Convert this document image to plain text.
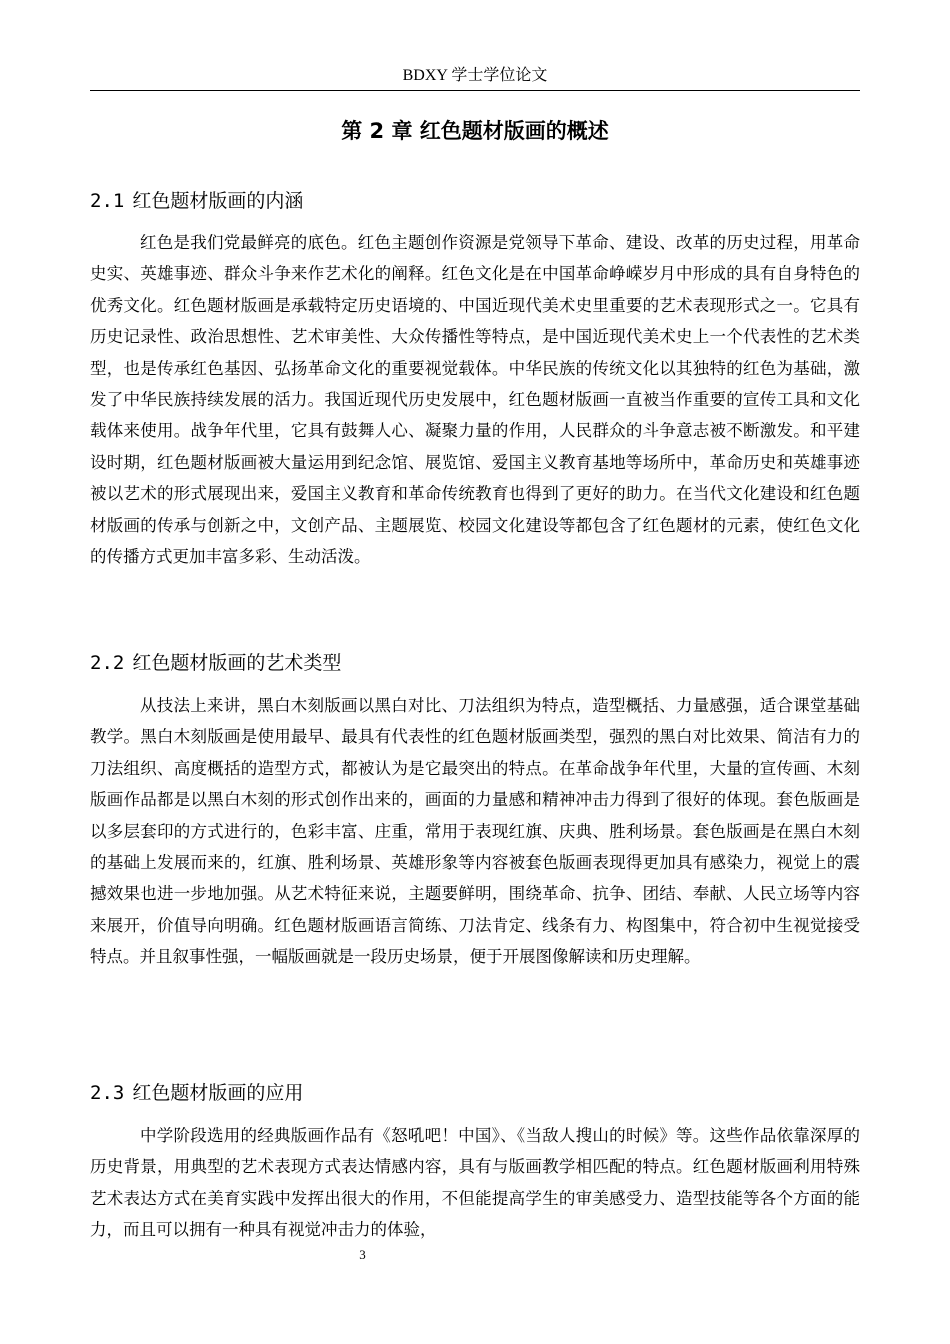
BDXY 学士学位论文
第 2 章 红色题材版画的概述
2.1 红色题材版画的内涵

红色是我们党最鲜亮的底色。红色主题创作资源是党领导下革命、建设、改革的历史过程，用革命史实、英雄事迹、群众斗争来作艺术化的阐释。红色文化是在中国革命峥嵘岁月中形成的具有自身特色的优秀文化。红色题材版画是承载特定历史语境的、中国近现代美术史里重要的艺术表现形式之一。它具有历史记录性、政治思想性、艺术审美性、大众传播性等特点，是中国近现代美术史上一个代表性的艺术类型，也是传承红色基因、弘扬革命文化的重要视觉载体。中华民族的传统文化以其独特的红色为基础，激发了中华民族持续发展的活力。我国近现代历史发展中，红色题材版画一直被当作重要的宣传工具和文化载体来使用。战争年代里，它具有鼓舞人心、凝聚力量的作用，人民群众的斗争意志被不断激发。和平建设时期，红色题材版画被大量运用到纪念馆、展览馆、爱国主义教育基地等场所中，革命历史和英雄事迹被以艺术的形式展现出来，爱国主义教育和革命传统教育也得到了更好的助力。在当代文化建设和红色题材版画的传承与创新之中，文创产品、主题展览、校园文化建设等都包含了红色题材的元素，使红色文化的传播方式更加丰富多彩、生动活泼。

2.2 红色题材版画的艺术类型

从技法上来讲，黑白木刻版画以黑白对比、刀法组织为特点，造型概括、力量感强，适合课堂基础教学。黑白木刻版画是使用最早、最具有代表性的红色题材版画类型，强烈的黑白对比效果、简洁有力的刀法组织、高度概括的造型方式，都被认为是它最突出的特点。在革命战争年代里，大量的宣传画、木刻版画作品都是以黑白木刻的形式创作出来的，画面的力量感和精神冲击力得到了很好的体现。套色版画是以多层套印的方式进行的，色彩丰富、庄重，常用于表现红旗、庆典、胜利场景。套色版画是在黑白木刻的基础上发展而来的，红旗、胜利场景、英雄形象等内容被套色版画表现得更加具有感染力，视觉上的震撼效果也进一步地加强。从艺术特征来说，主题要鲜明，围绕革命、抗争、团结、奉献、人民立场等内容来展开，价值导向明确。红色题材版画语言简练、刀法肯定、线条有力、构图集中，符合初中生视觉接受特点。并且叙事性强，一幅版画就是一段历史场景，便于开展图像解读和历史理解。

2.3 红色题材版画的应用

中学阶段选用的经典版画作品有《怒吼吧！中国》、《当敌人搜山的时候》等。这些作品依靠深厚的历史背景，用典型的艺术表现方式表达情感内容，具有与版画教学相匹配的特点。红色题材版画利用特殊艺术表达方式在美育实践中发挥出很大的作用，不但能提高学生的审美感受力、造型技能等各个方面的能力，而且可以拥有一种具有视觉冲击力的体验，

3
